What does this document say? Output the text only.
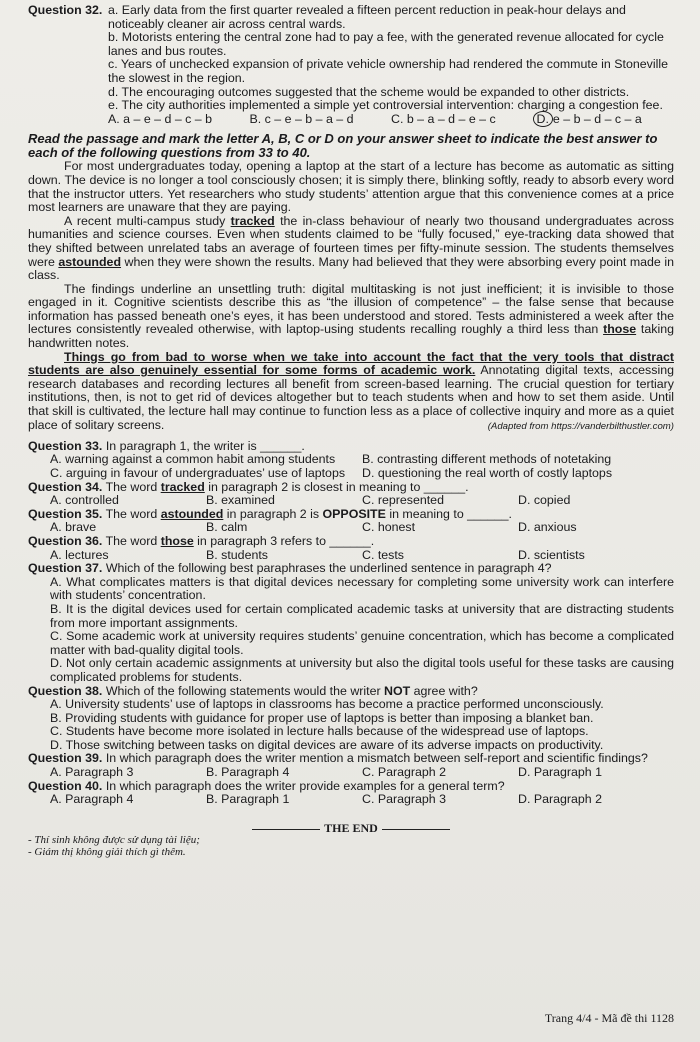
Question 32. a. Early data from the first quarter revealed a fifteen percent reduction in peak-hour delays and noticeably cleaner air across central wards.
b. Motorists entering the central zone had to pay a fee, with the generated revenue allocated for cycle lanes and bus routes.
c. Years of unchecked expansion of private vehicle ownership had rendered the commute in Stoneville the slowest in the region.
d. The encouraging outcomes suggested that the scheme would be expanded to other districts.
e. The city authorities implemented a simple yet controversial intervention: charging a congestion fee.
A. a – e – d – c – b	B. c – e – b – a – d	C. b – a – d – e – c	D. e – b – d – c – a
Read the passage and mark the letter A, B, C or D on your answer sheet to indicate the best answer to each of the following questions from 33 to 40.

For most undergraduates today, opening a laptop at the start of a lecture has become as automatic as sitting down. The device is no longer a tool consciously chosen; it is simply there, blinking softly, ready to absorb every word that the instructor utters. Yet researchers who study students’ attention argue that this convenience comes at a price most learners are unaware that they are paying.

A recent multi-campus study tracked the in-class behaviour of nearly two thousand undergraduates across humanities and science courses. Even when students claimed to be “fully focused,” eye-tracking data showed that they shifted between unrelated tabs an average of fourteen times per fifty-minute session. The students themselves were astounded when they were shown the results. Many had believed that they were absorbing every point made in class.

The findings underline an unsettling truth: digital multitasking is not just inefficient; it is invisible to those engaged in it. Cognitive scientists describe this as “the illusion of competence” – the false sense that because information has passed beneath one’s eyes, it has been understood and stored. Tests administered a week after the lectures consistently revealed otherwise, with laptop-using students recalling roughly a third less than those taking handwritten notes.

Things go from bad to worse when we take into account the fact that the very tools that distract students are also genuinely essential for some forms of academic work. Annotating digital texts, accessing research databases and recording lectures all benefit from screen-based learning. The crucial question for tertiary institutions, then, is not to get rid of devices altogether but to teach students when and how to set them aside. Until that skill is cultivated, the lecture hall may continue to function less as a place of collective inquiry and more as a quiet place of solitary screens.	(Adapted from https://vanderbilthustler.com)
Question 33. In paragraph 1, the writer is ______.
A. warning against a common habit among students	B. contrasting different methods of notetaking
C. arguing in favour of undergraduates’ use of laptops	D. questioning the real worth of costly laptops
Question 34. The word tracked in paragraph 2 is closest in meaning to ______.
A. controlled	B. examined	C. represented	D. copied
Question 35. The word astounded in paragraph 2 is OPPOSITE in meaning to ______.
A. brave	B. calm	C. honest	D. anxious
Question 36. The word those in paragraph 3 refers to ______.
A. lectures	B. students	C. tests	D. scientists
Question 37. Which of the following best paraphrases the underlined sentence in paragraph 4?
A. What complicates matters is that digital devices necessary for completing some university work can interfere with students’ concentration.
B. It is the digital devices used for certain complicated academic tasks at university that are distracting students from more important assignments.
C. Some academic work at university requires students’ genuine concentration, which has become a complicated matter with bad-quality digital tools.
D. Not only certain academic assignments at university but also the digital tools useful for these tasks are causing complicated problems for students.
Question 38. Which of the following statements would the writer NOT agree with?
A. University students’ use of laptops in classrooms has become a practice performed unconsciously.
B. Providing students with guidance for proper use of laptops is better than imposing a blanket ban.
C. Students have become more isolated in lecture halls because of the widespread use of laptops.
D. Those switching between tasks on digital devices are aware of its adverse impacts on productivity.
Question 39. In which paragraph does the writer mention a mismatch between self-report and scientific findings?
A. Paragraph 3	B. Paragraph 4	C. Paragraph 2	D. Paragraph 1
Question 40. In which paragraph does the writer provide examples for a general term?
A. Paragraph 4	B. Paragraph 1	C. Paragraph 3	D. Paragraph 2
THE END
- Thí sinh không được sử dụng tài liệu;
- Giám thị không giải thích gì thêm.
Trang 4/4 - Mã đề thi 1128
